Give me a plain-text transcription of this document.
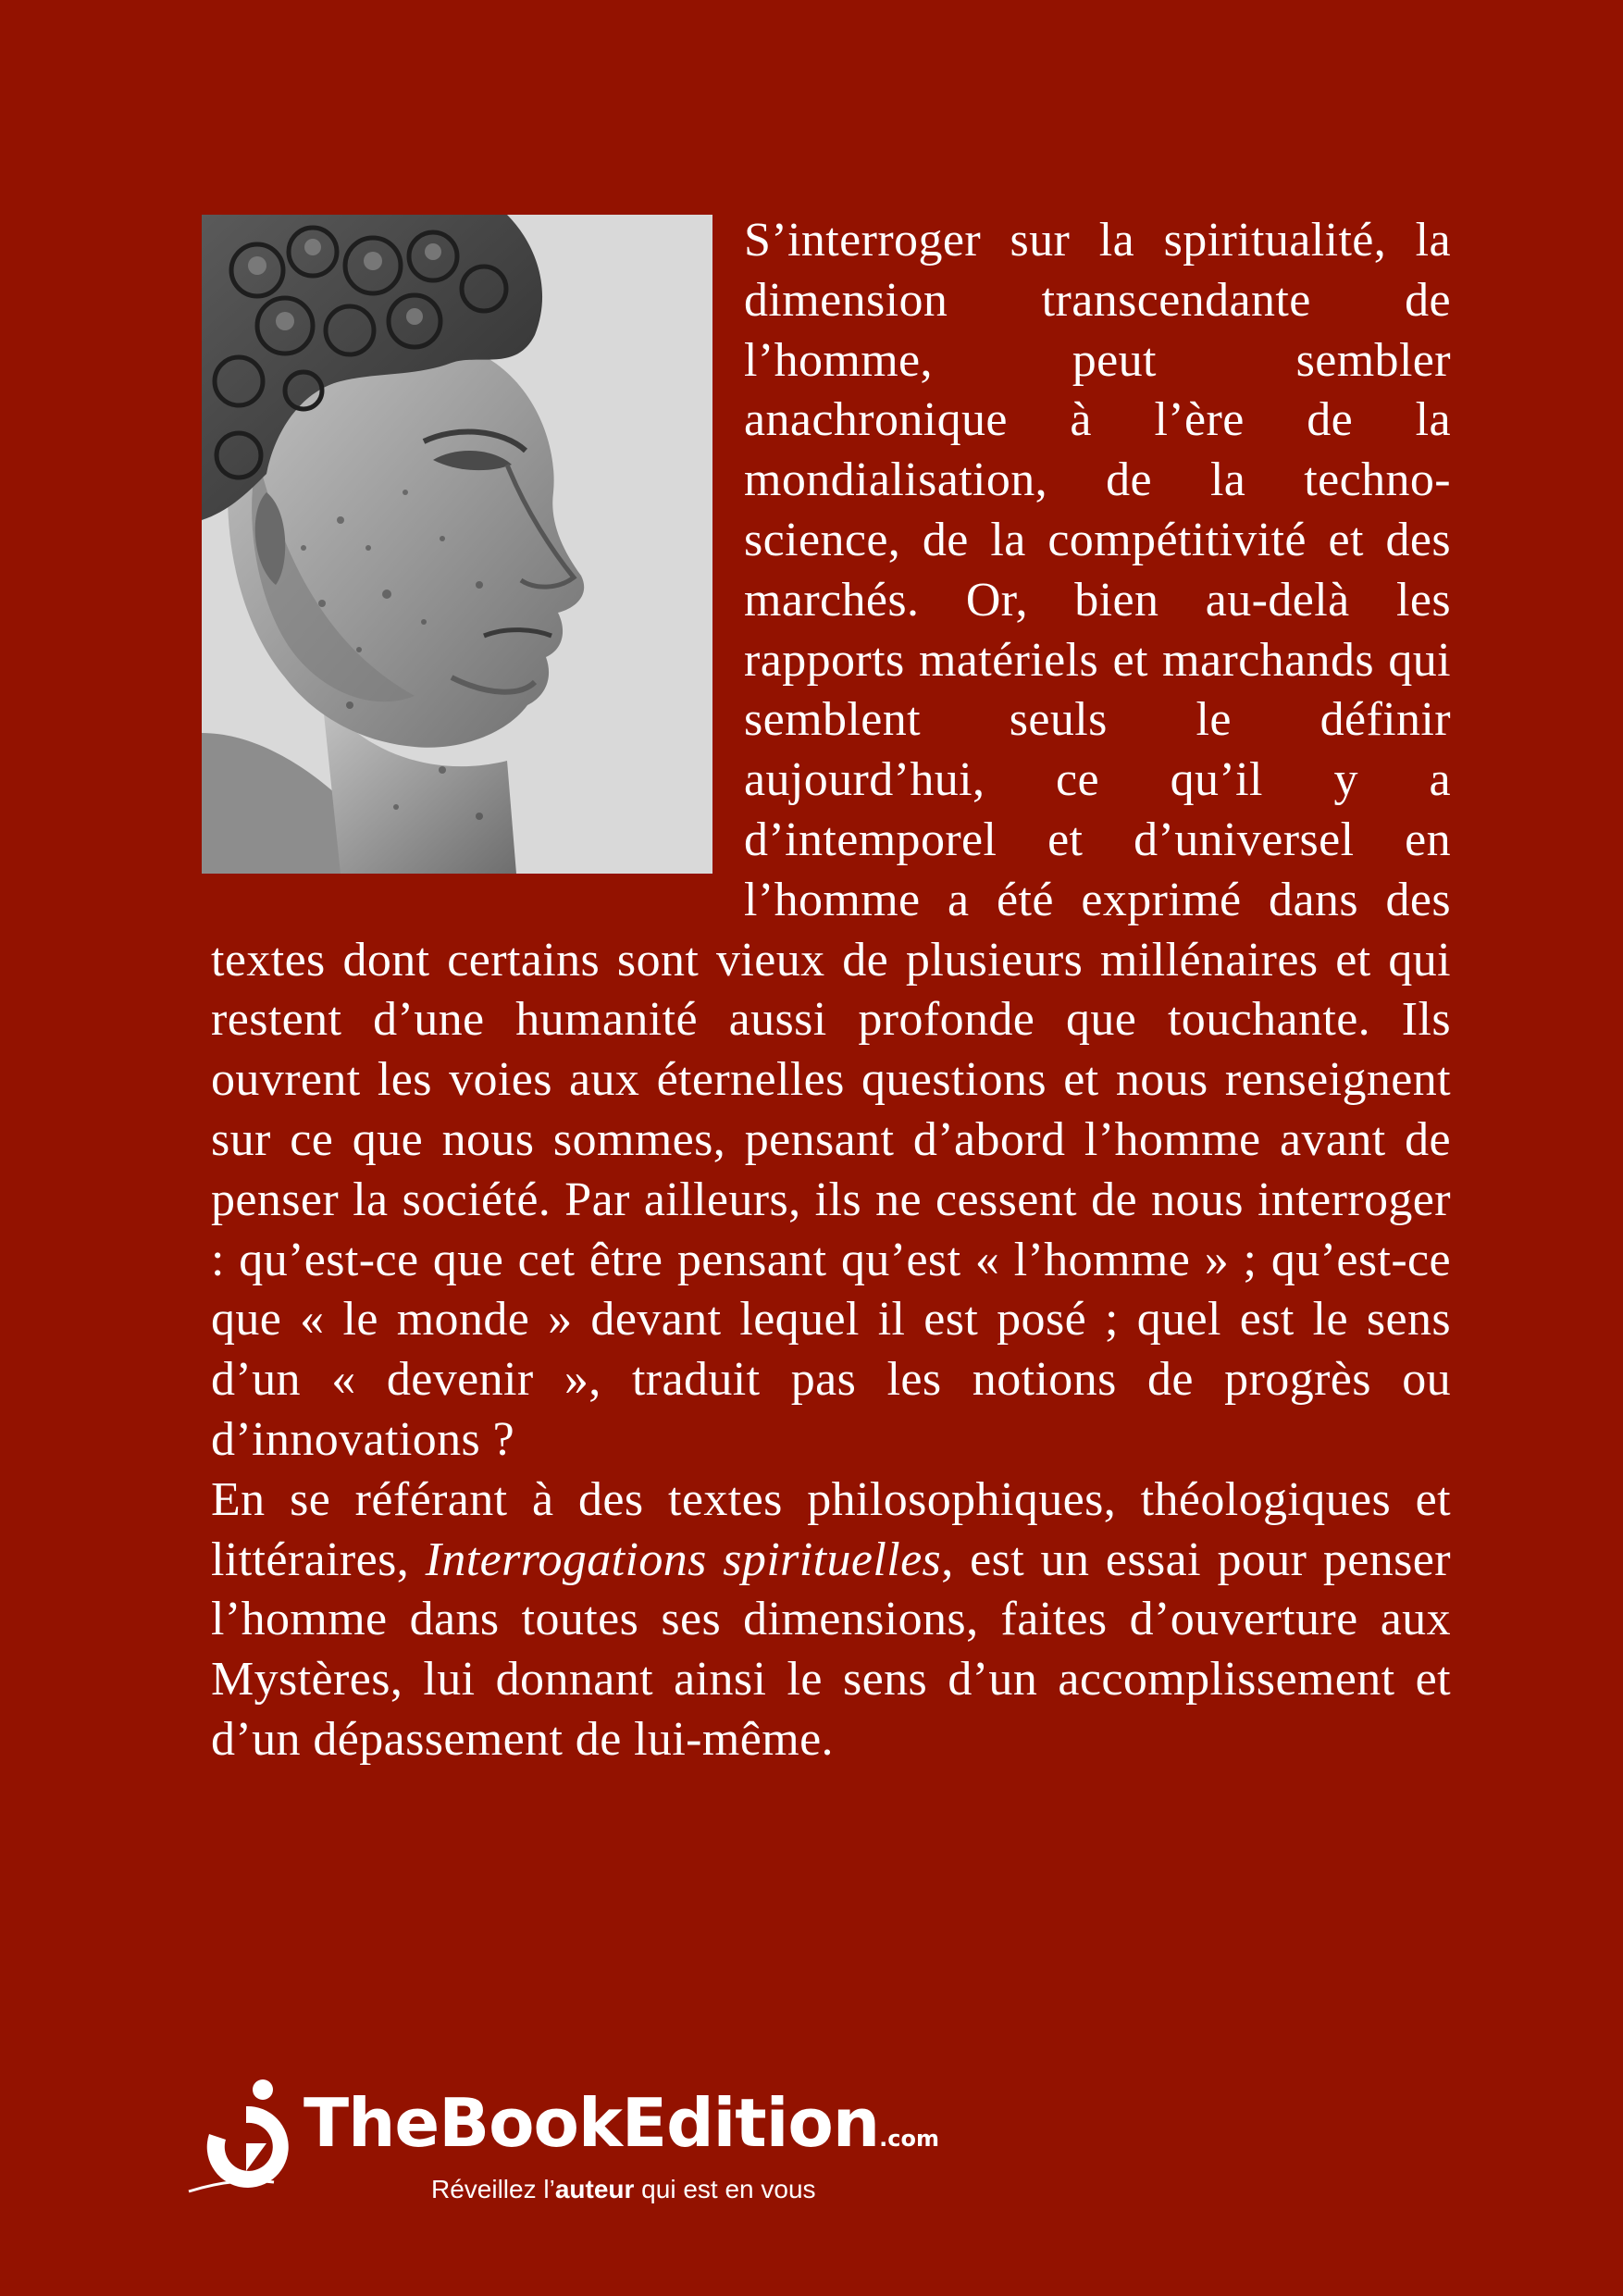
S’interroger sur la spiritualité, la dimension transcendante de l’homme, peut sembler anachronique à l’ère de la mondialisation, de la techno-science, de la compétitivité et des marchés. Or, bien au-delà les rapports matériels et marchands qui semblent seuls le définir aujourd’hui, ce qu’il y a d’intemporel et d’universel en l’homme a été exprimé dans des textes dont certains sont vieux de plusieurs millénaires et qui restent d’une humanité aussi profonde que touchante. Ils ouvrent les voies aux éternelles questions et nous renseignent sur ce que nous sommes, pensant d’abord l’homme avant de penser la société. Par ailleurs, ils ne cessent de nous interroger : qu’est-ce que cet être pensant qu’est « l’homme » ; qu’est-ce que « le monde » devant lequel il est posé ; quel est le sens d’un « devenir », traduit pas les notions de progrès ou d’innovations ?

En se référant à des textes philosophiques, théologiques et littéraires, Interrogations spirituelles, est un essai pour penser l’homme dans toutes ses dimensions, faites d’ouverture aux Mystères, lui donnant ainsi le sens d’un accomplissement et d’un dépassement de lui-même.

TheBookEdition.com
Réveillez l’auteur qui est en vous
